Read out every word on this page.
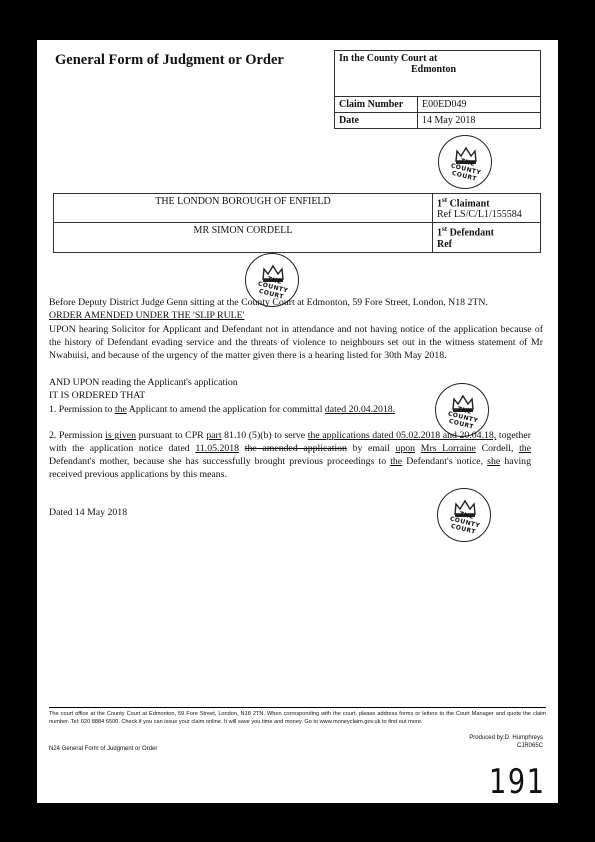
General Form of Judgment or Order	In the County Court at
Edmonton	

Claim Number	E00ED049
Date	14 May 2018
THE COUNTY COURT
THE COUNTY COURT
THE COUNTY COURT
THE COUNTY COURT
THE LONDON BOROUGH OF ENFIELD	1st Claimant
Ref LS/C/L1/155584
MR SIMON CORDELL	1st Defendant
Ref
Before Deputy District Judge Genn sitting at the County Court at Edmonton, 59 Fore Street, London, N18 2TN.
ORDER AMENDED UNDER THE 'SLIP RULE'
UPON hearing Solicitor for Applicant and Defendant not in attendance and not having notice of the application because of the history of Defendant evading service and the threats of violence to neighbours set out in the witness statement of Mr Nwabuisi, and because of the urgency of the matter given there is a hearing listed for 30th May 2018.
AND UPON reading the Applicant's application
IT IS ORDERED THAT
1. Permission to the Applicant to amend the application for committal dated 20.04.2018.
2. Permission is given pursuant to CPR part 81.10 (5)(b) to serve the applications dated 05.02.2018 and 20.04.18, together with the application notice dated 11.05.2018 the amended application by email upon Mrs Lorraine Cordell, the Defendant's mother, because she has successfully brought previous proceedings to the Defendant's notice, she having received previous applications by this means.
Dated 14 May 2018
The court office at the County Court at Edmonton, 59 Fore Street, London, N18 2TN. When corresponding with the court, please address forms or letters to the Court Manager and quote the claim number. Tel: 020 8884 6500. Check if you can issue your claim online. It will save you time and money. Go to www.moneyclaim.gov.uk to find out more.
Produced by:D. Humphreys
CJR065C
N24 General Form of Judgment or Order
191
